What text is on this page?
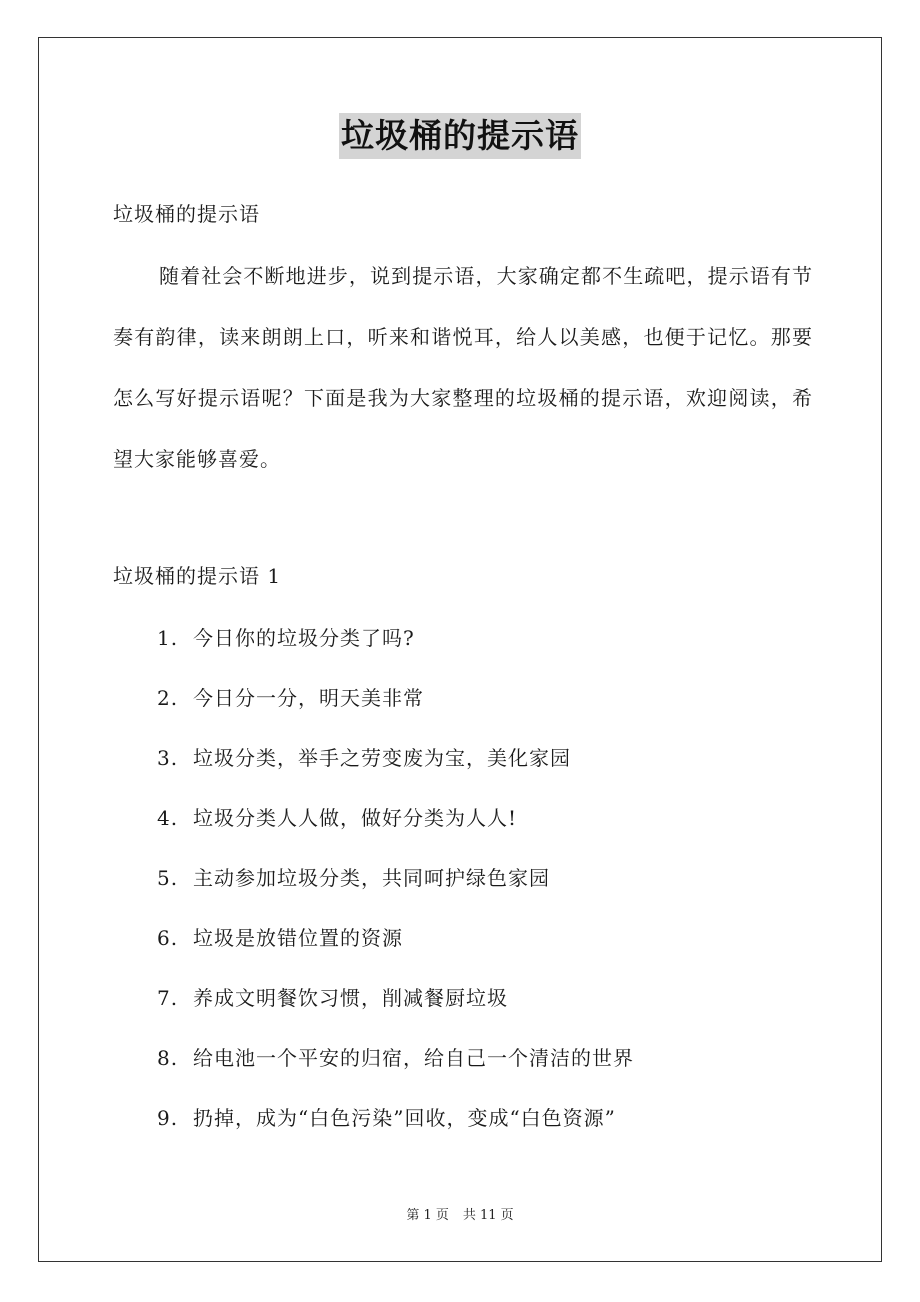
垃圾桶的提示语
垃圾桶的提示语

随着社会不断地进步，说到提示语，大家确定都不生疏吧，提示语有节奏有韵律，读来朗朗上口，听来和谐悦耳，给人以美感，也便于记忆。那要怎么写好提示语呢？下面是我为大家整理的垃圾桶的提示语，欢迎阅读，希望大家能够喜爱。

垃圾桶的提示语 1
1. 今日你的垃圾分类了吗?
2. 今日分一分，明天美非常
3. 垃圾分类，举手之劳变废为宝，美化家园
4. 垃圾分类人人做，做好分类为人人!
5. 主动参加垃圾分类，共同呵护绿色家园
6. 垃圾是放错位置的资源
7. 养成文明餐饮习惯，削减餐厨垃圾
8. 给电池一个平安的归宿，给自己一个清洁的世界
9. 扔掉，成为“白色污染”回收，变成“白色资源”
第 1 页 共 11 页
